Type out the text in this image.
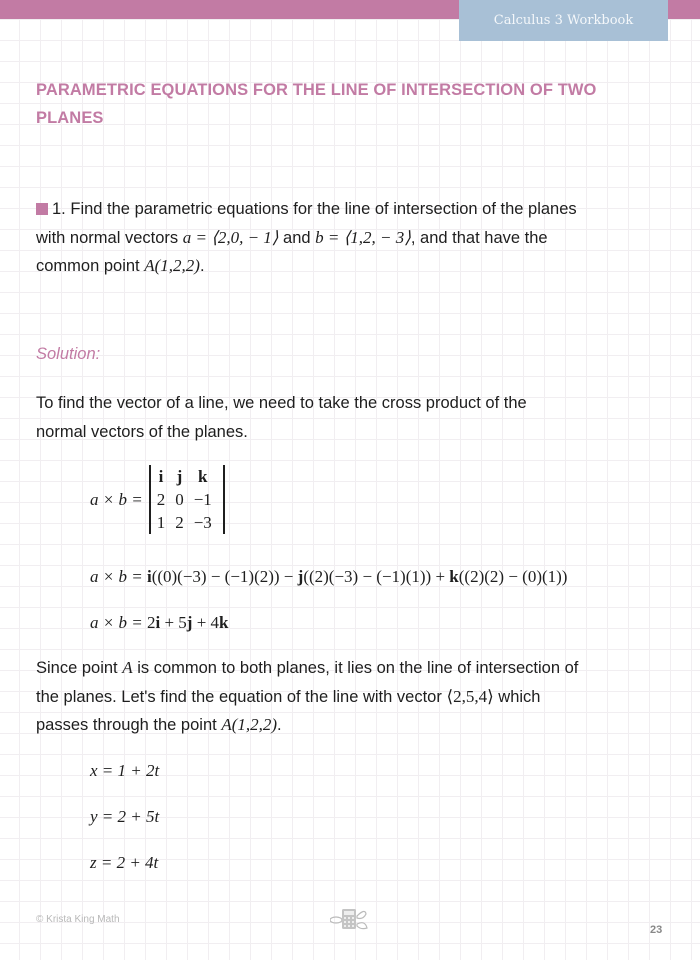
Calculus 3 Workbook
PARAMETRIC EQUATIONS FOR THE LINE OF INTERSECTION OF TWO PLANES
1. Find the parametric equations for the line of intersection of the planes
with normal vectors a = ⟨2,0, − 1⟩ and b = ⟨1,2, − 3⟩, and that have the
common point A(1,2,2).
Solution:
To find the vector of a line, we need to take the cross product of the
normal vectors of the planes.
a × b =
i	j	k
2	0	−1
1	2	−3
a × b = i((0)(−3) − (−1)(2)) − j((2)(−3) − (−1)(1)) + k((2)(2) − (0)(1))
a × b = 2i + 5j + 4k
Since point A is common to both planes, it lies on the line of intersection of
the planes. Let's find the equation of the line with vector ⟨2,5,4⟩ which
passes through the point A(1,2,2).
x = 1 + 2t
y = 2 + 5t
z = 2 + 4t
© Krista King Math
23
